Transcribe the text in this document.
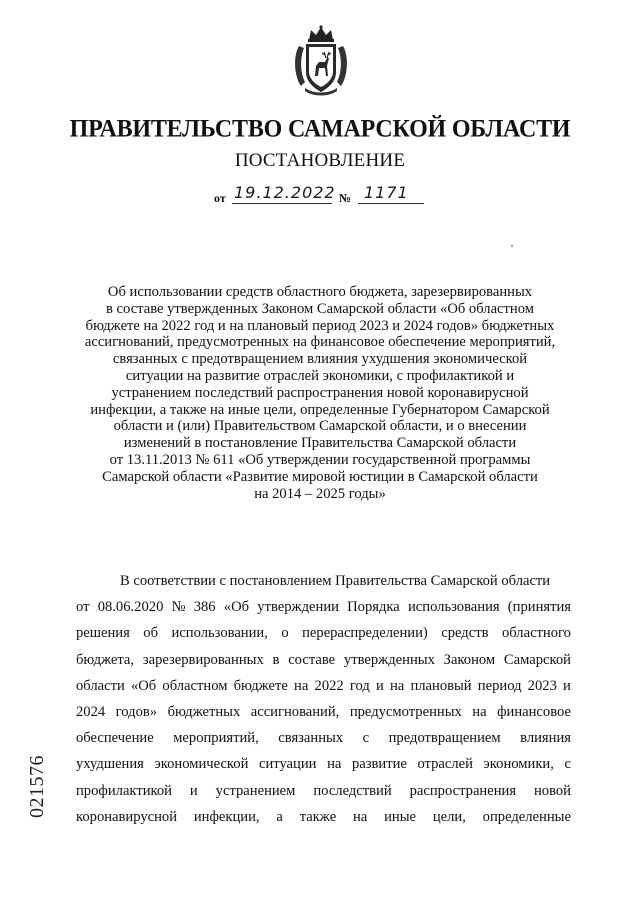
ПРАВИТЕЛЬСТВО САМАРСКОЙ ОБЛАСТИ
ПОСТАНОВЛЕНИЕ
от 19.12.2022 № 1171
Об использовании средств областного бюджета, зарезервированных
в составе утвержденных Законом Самарской области «Об областном
бюджете на 2022 год и на плановый период 2023 и 2024 годов» бюджетных
ассигнований, предусмотренных на финансовое обеспечение мероприятий,
связанных с предотвращением влияния ухудшения экономической
ситуации на развитие отраслей экономики, с профилактикой и
устранением последствий распространения новой коронавирусной
инфекции, а также на иные цели, определенные Губернатором Самарской
области и (или) Правительством Самарской области, и о внесении
изменений в постановление Правительства Самарской области
от 13.11.2013 № 611 «Об утверждении государственной программы
Самарской области «Развитие мировой юстиции в Самарской области
на 2014 – 2025 годы»
В соответствии с постановлением Правительства Самарской области
от 08.06.2020 № 386 «Об утверждении Порядка использования (принятия
решения об использовании, о перераспределении) средств областного
бюджета, зарезервированных в составе утвержденных Законом Самарской
области «Об областном бюджете на 2022 год и на плановый период 2023 и
2024 годов» бюджетных ассигнований, предусмотренных на финансовое
обеспечение мероприятий, связанных с предотвращением влияния
ухудшения экономической ситуации на развитие отраслей экономики, с
профилактикой и устранением последствий распространения новой
коронавирусной инфекции, а также на иные цели, определенные
021576
